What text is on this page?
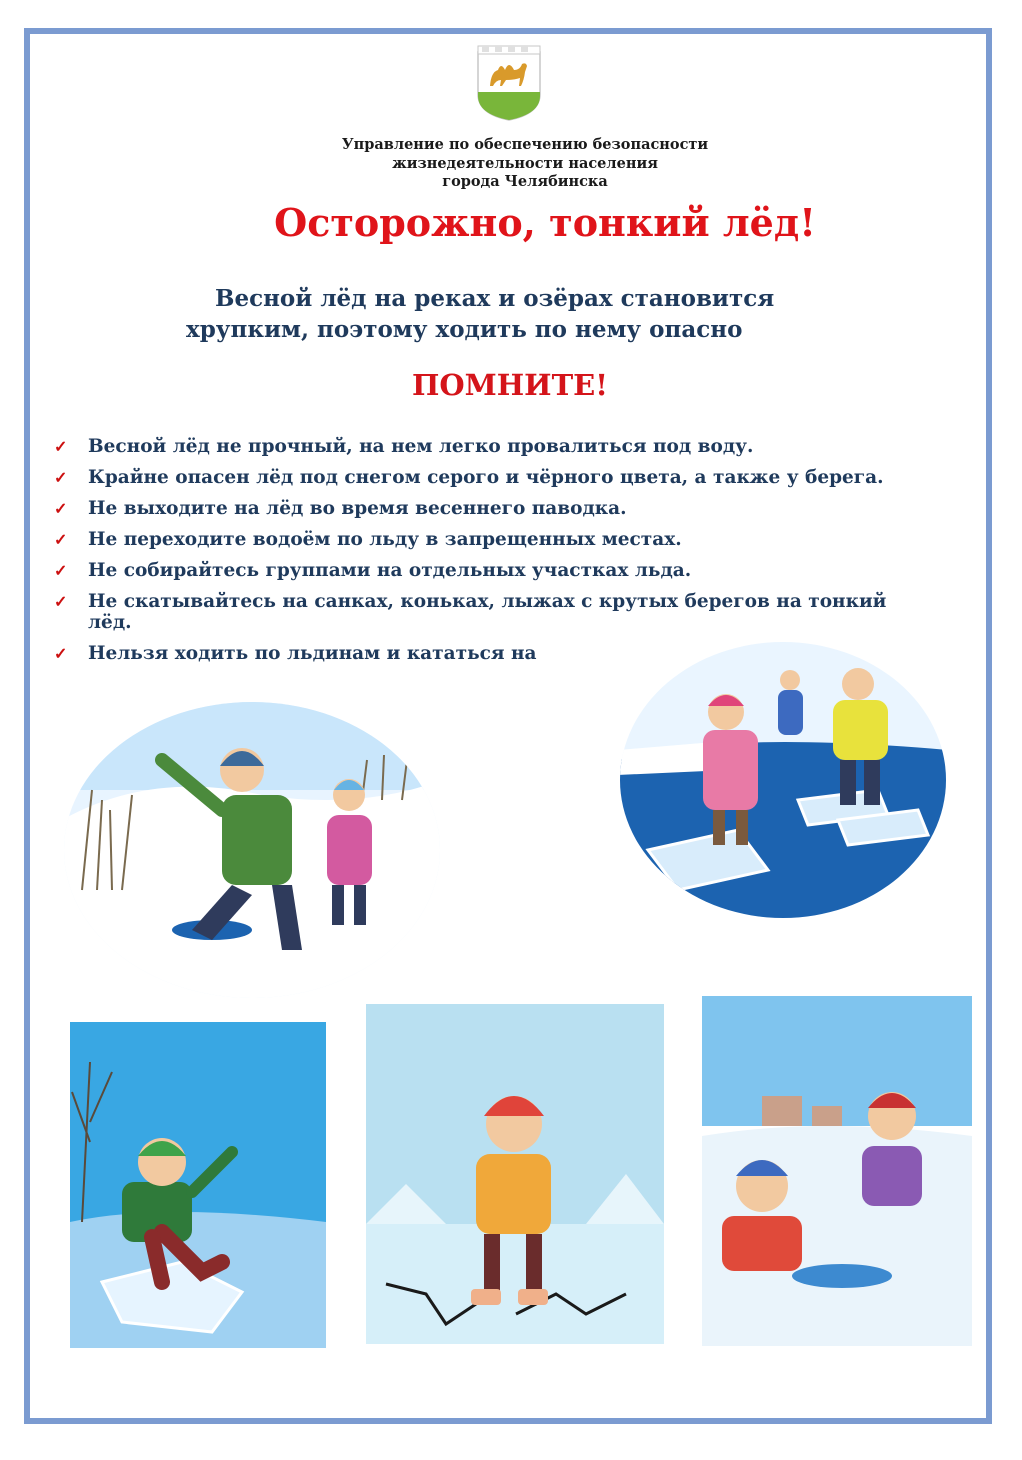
Управление по обеспечению безопасности
жизнедеятельности населения
города Челябинска
Осторожно, тонкий лёд!
Весной лёд на реках и озёрах становится
хрупким, поэтому ходить по нему опасно
ПОМНИТЕ!
✓ Весной лёд не прочный, на нем легко провалиться под воду.
✓ Крайне опасен лёд под снегом серого и чёрного цвета, а также у берега.
✓ Не выходите на лёд во время весеннего паводка.
✓ Не переходите водоём по льду в запрещенных местах.
✓ Не собирайтесь группами на отдельных участках льда.
✓ Не скатывайтесь на санках, коньках, лыжах с крутых берегов на тонкий лёд.
✓ Нельзя ходить по льдинам и кататься на
